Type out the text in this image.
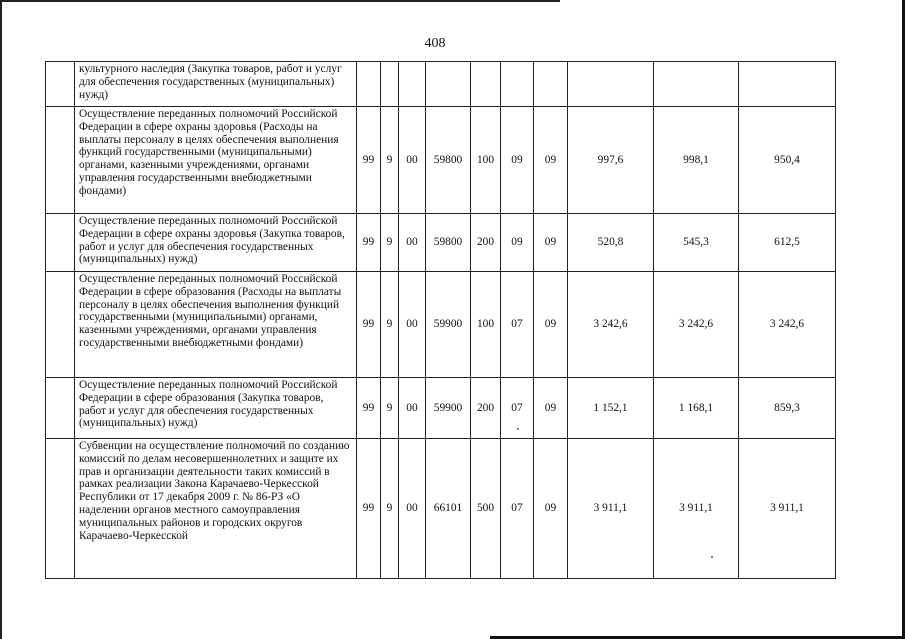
408
	культурного наследия (Закупка товаров, работ и услуг для обеспечения государственных (муниципальных) нужд)										
	Осуществление переданных полномочий Российской Федерации в сфере охраны здоровья (Расходы на выплаты персоналу в целях обеспечения выполнения функций государственными (муниципальными) органами, казенными учреждениями, органами управления государственными внебюджетными фондами)	99	9	00	59800	100	09	09	997,6	998,1	950,4
	Осуществление переданных полномочий Российской Федерации в сфере охраны здоровья (Закупка товаров, работ и услуг для обеспечения государственных (муниципальных) нужд)	99	9	00	59800	200	09	09	520,8	545,3	612,5
	Осуществление переданных полномочий Российской Федерации в сфере образования (Расходы на выплаты персоналу в целях обеспечения выполнения функций государственными (муниципальными) органами, казенными учреждениями, органами управления государственными внебюджетными фондами)	99	9	00	59900	100	07	09	3 242,6	3 242,6	3 242,6
	Осуществление переданных полномочий Российской Федерации в сфере образования (Закупка товаров, работ и услуг для обеспечения государственных (муниципальных) нужд)	99	9	00	59900	200	07	09	1 152,1	1 168,1	859,3
	Субвенции на осуществление полномочий по созданию комиссий по делам несовершеннолетних и защите их прав и организации деятельности таких комиссий в рамках реализации Закона Карачаево-Черкесской Республики от 17 декабря 2009 г. № 86-РЗ «О наделении органов местного самоуправления муниципальных районов и городских округов Карачаево-Черкесской	99	9	00	66101	500	07	09	3 911,1	3 911,1	3 911,1
